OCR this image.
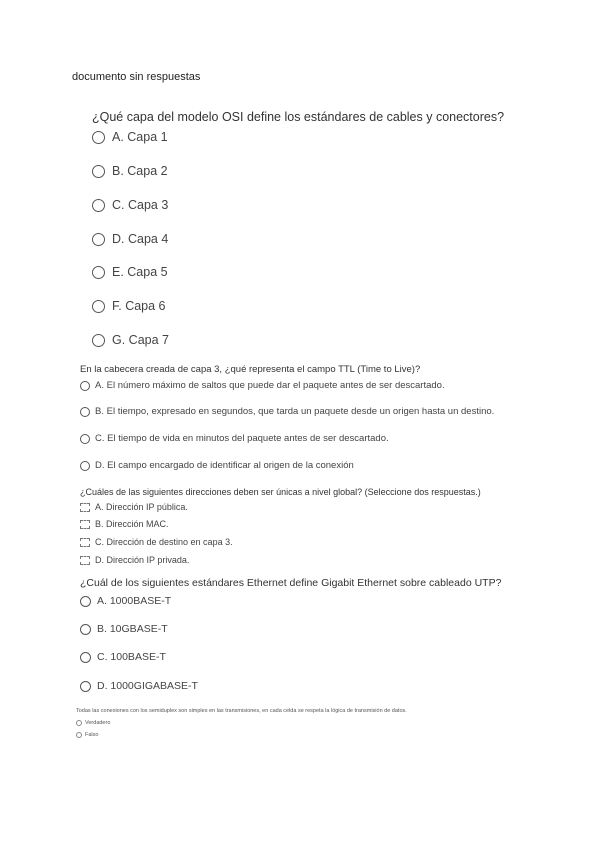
documento sin respuestas
¿Qué capa del modelo OSI define los estándares de cables y conectores?
A. Capa 1
B. Capa 2
C. Capa 3
D. Capa 4
E. Capa 5
F. Capa 6
G. Capa 7
En la cabecera creada de capa 3, ¿qué representa el campo TTL (Time to Live)?
A. El número máximo de saltos que puede dar el paquete antes de ser descartado.
B. El tiempo, expresado en segundos, que tarda un paquete desde un origen hasta un destino.
C. El tiempo de vida en minutos del paquete antes de ser descartado.
D. El campo encargado de identificar al origen de la conexión
¿Cuáles de las siguientes direcciones deben ser únicas a nivel global? (Seleccione dos respuestas.)
A. Dirección IP pública.
B. Dirección MAC.
C. Dirección de destino en capa 3.
D. Dirección IP privada.
¿Cuál de los siguientes estándares Ethernet define Gigabit Ethernet sobre cableado UTP?
A. 1000BASE-T
B. 10GBASE-T
C. 100BASE-T
D. 1000GIGABASE-T
Todas las conexiones con los semiduplex son simples en las transmisiones, en cada celda se respeta la lógica de transmisión de datos.
Verdadero
Falso
